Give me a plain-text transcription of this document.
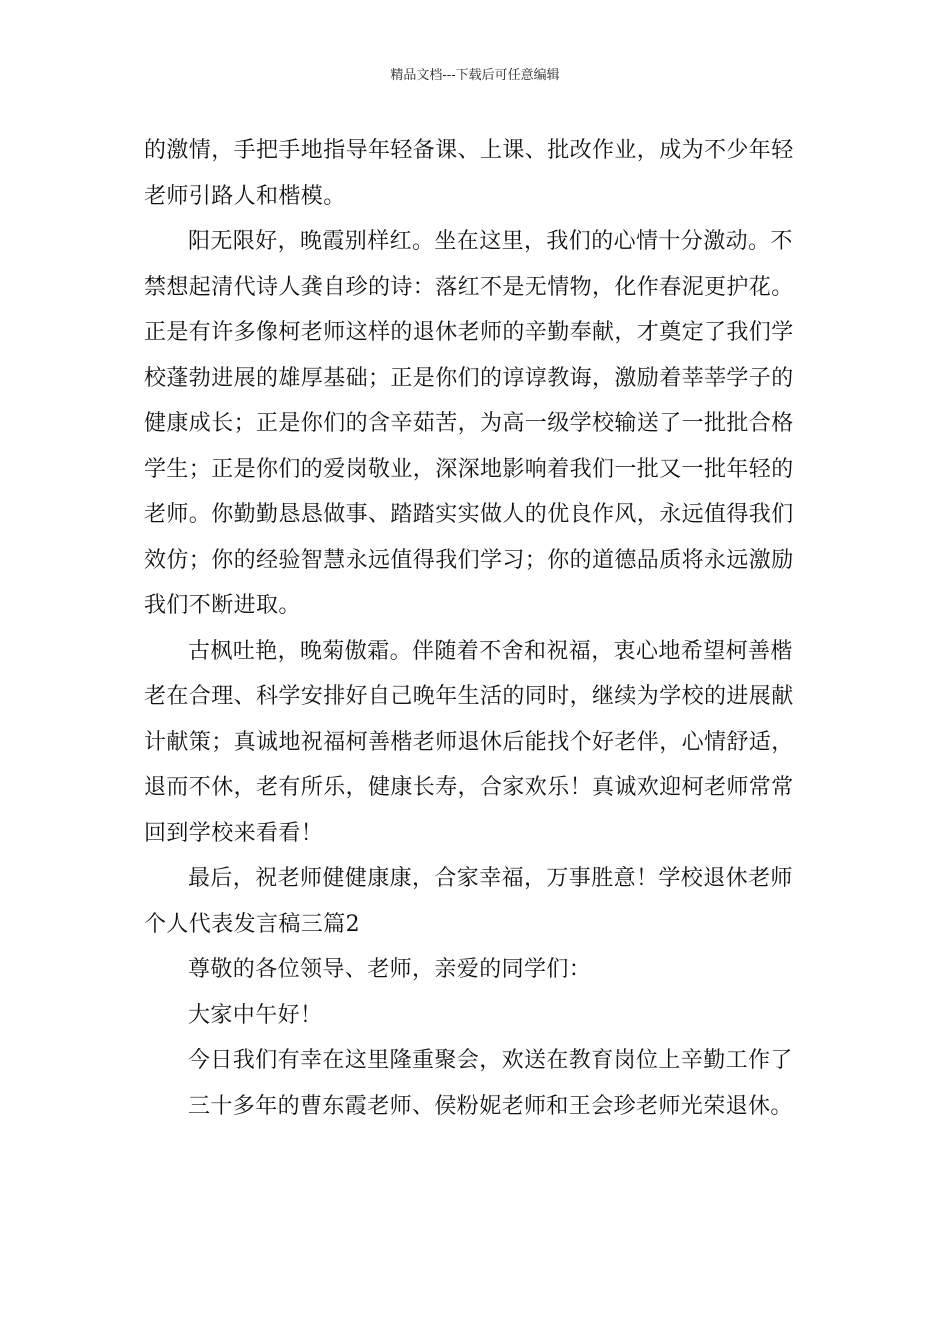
精品文档---下载后可任意编辑

的激情，手把手地指导年轻备课、上课、批改作业，成为不少年轻
老师引路人和楷模。

阳无限好，晚霞别样红。坐在这里，我们的心情十分激动。不
禁想起清代诗人龚自珍的诗：落红不是无情物，化作春泥更护花。
正是有许多像柯老师这样的退休老师的辛勤奉献，才奠定了我们学
校蓬勃进展的雄厚基础；正是你们的谆谆教诲，激励着莘莘学子的
健康成长；正是你们的含辛茹苦，为高一级学校输送了一批批合格
学生；正是你们的爱岗敬业，深深地影响着我们一批又一批年轻的
老师。你勤勤恳恳做事、踏踏实实做人的优良作风，永远值得我们
效仿；你的经验智慧永远值得我们学习；你的道德品质将永远激励
我们不断进取。

古枫吐艳，晚菊傲霜。伴随着不舍和祝福，衷心地希望柯善楷
老在合理、科学安排好自己晚年生活的同时，继续为学校的进展献
计献策；真诚地祝福柯善楷老师退休后能找个好老伴，心情舒适，
退而不休，老有所乐，健康长寿，合家欢乐！真诚欢迎柯老师常常
回到学校来看看！

最后，祝老师健健康康，合家幸福，万事胜意！学校退休老师
个人代表发言稿三篇2

尊敬的各位领导、老师，亲爱的同学们：

大家中午好！

今日我们有幸在这里隆重聚会，欢送在教育岗位上辛勤工作了

三十多年的曹东霞老师、侯粉妮老师和王会珍老师光荣退休。
